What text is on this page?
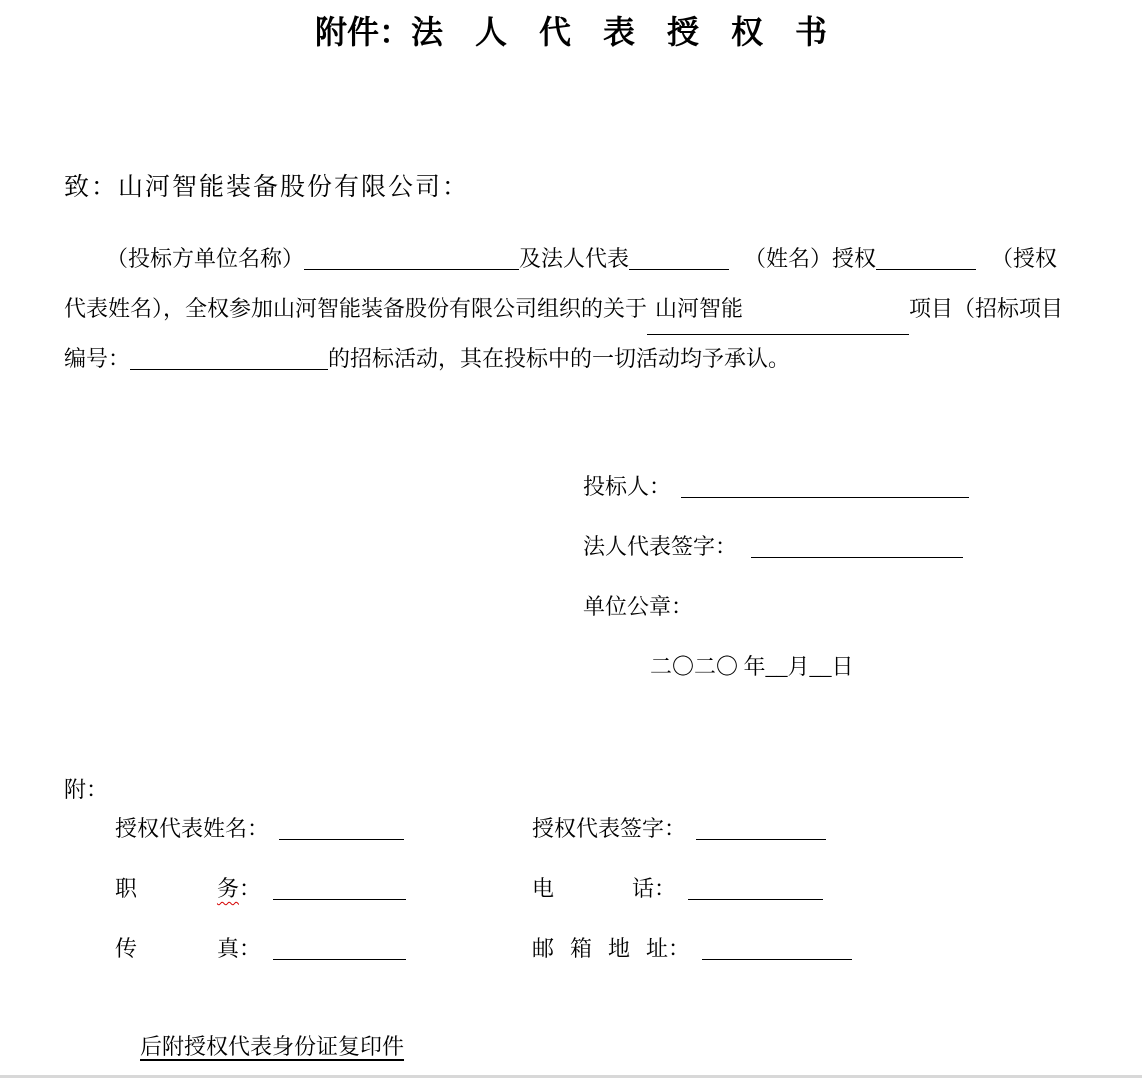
附件：法　人　代　表　授　权　书
致：山河智能装备股份有限公司：
（投标方单位名称）	及法人代表	（姓名）授权	（授权
代表姓名），全权参加山河智能装备股份有限公司组织的关于 山河智能	项目（招标项目
编号：	的招标活动，其在投标中的一切活动均予承认。
投标人：
法人代表签字：
单位公章：
二〇二〇 年__月__日
附：
授权代表姓名：	授权代表签字：
职	务：	电	话：
传	真：	邮 箱 地 址：
后附授权代表身份证复印件
